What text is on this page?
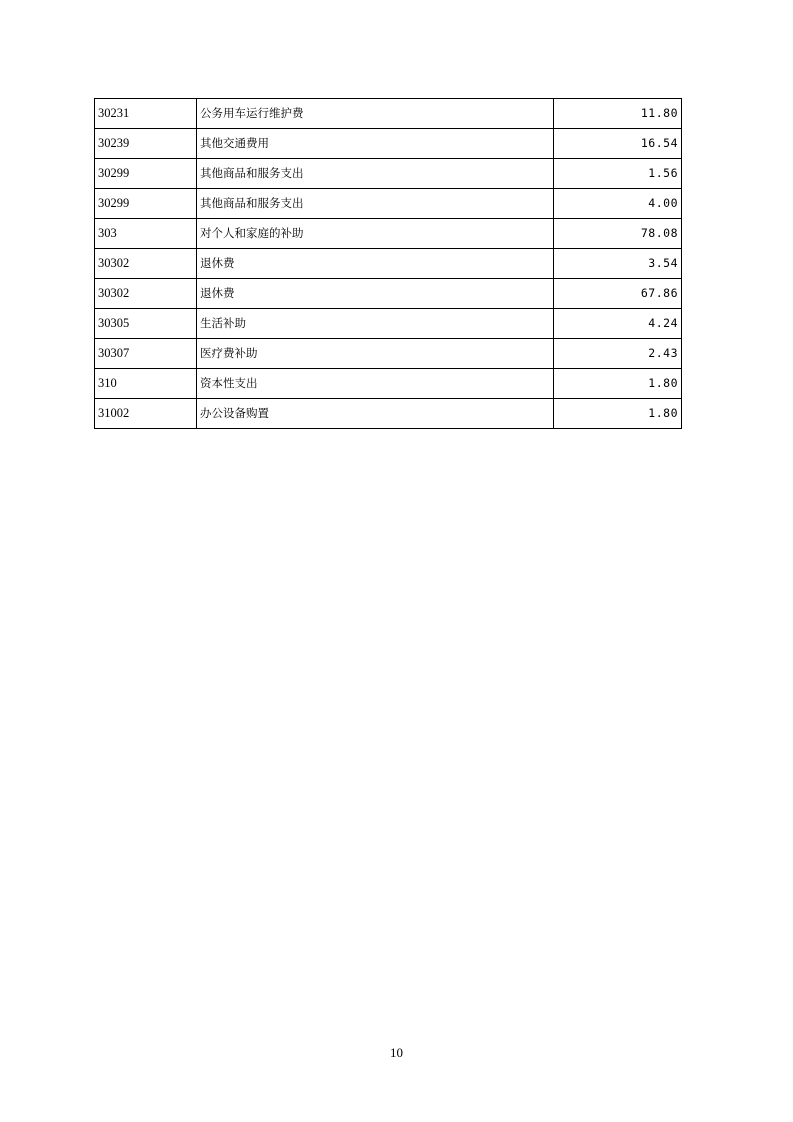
30231	公务用车运行维护费	11.80
30239	其他交通费用	16.54
30299	其他商品和服务支出	1.56
30299	其他商品和服务支出	4.00
303	对个人和家庭的补助	78.08
30302	退休费	3.54
30302	退休费	67.86
30305	生活补助	4.24
30307	医疗费补助	2.43
310	资本性支出	1.80
31002	办公设备购置	1.80
10
